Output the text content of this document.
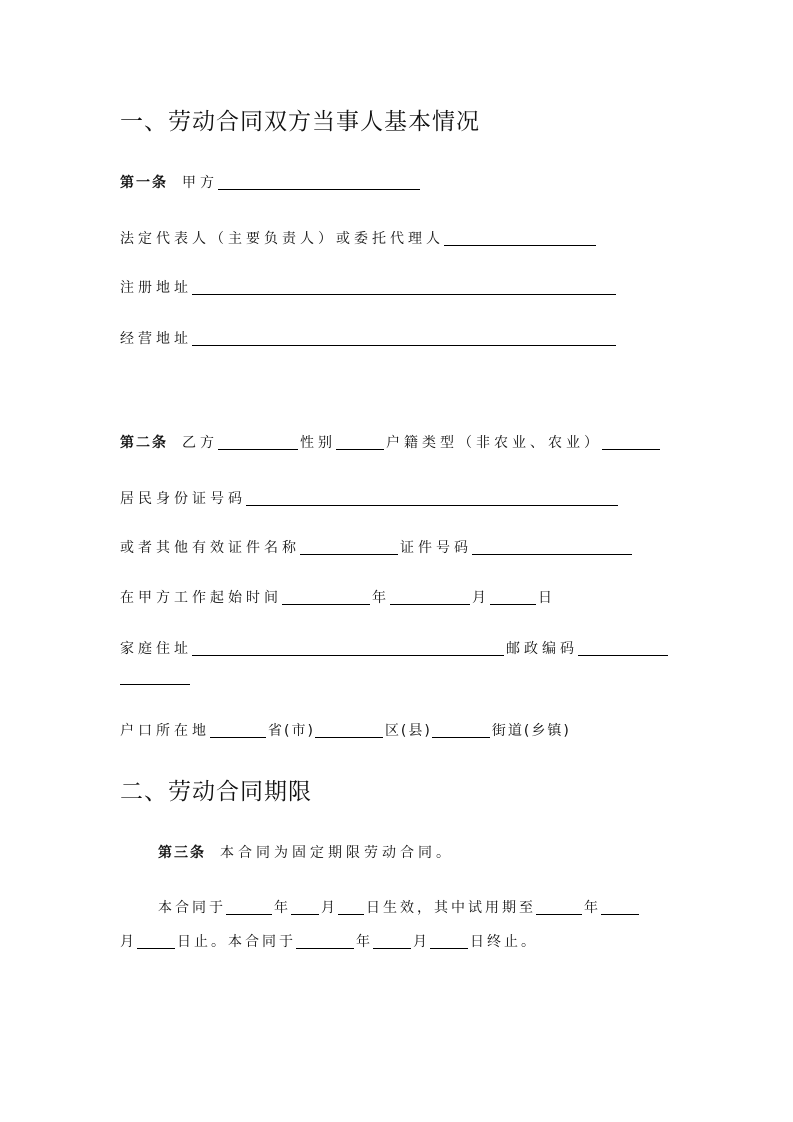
一、劳动合同双方当事人基本情况
第一条 甲方
法定代表人（主要负责人）或委托代理人
注册地址
经营地址
第二条 乙方	性别	户籍类型（非农业、农业）
居民身份证号码
或者其他有效证件名称	证件号码
在甲方工作起始时间	年	月	日
家庭住址	邮政编码
户口所在地	省(市)	区(县)	街道(乡镇)
二、劳动合同期限
第三条 本合同为固定期限劳动合同。
本合同于	年 月 日生效，其中试用期至	年
月	日止。本合同于	年	月	日终止。
